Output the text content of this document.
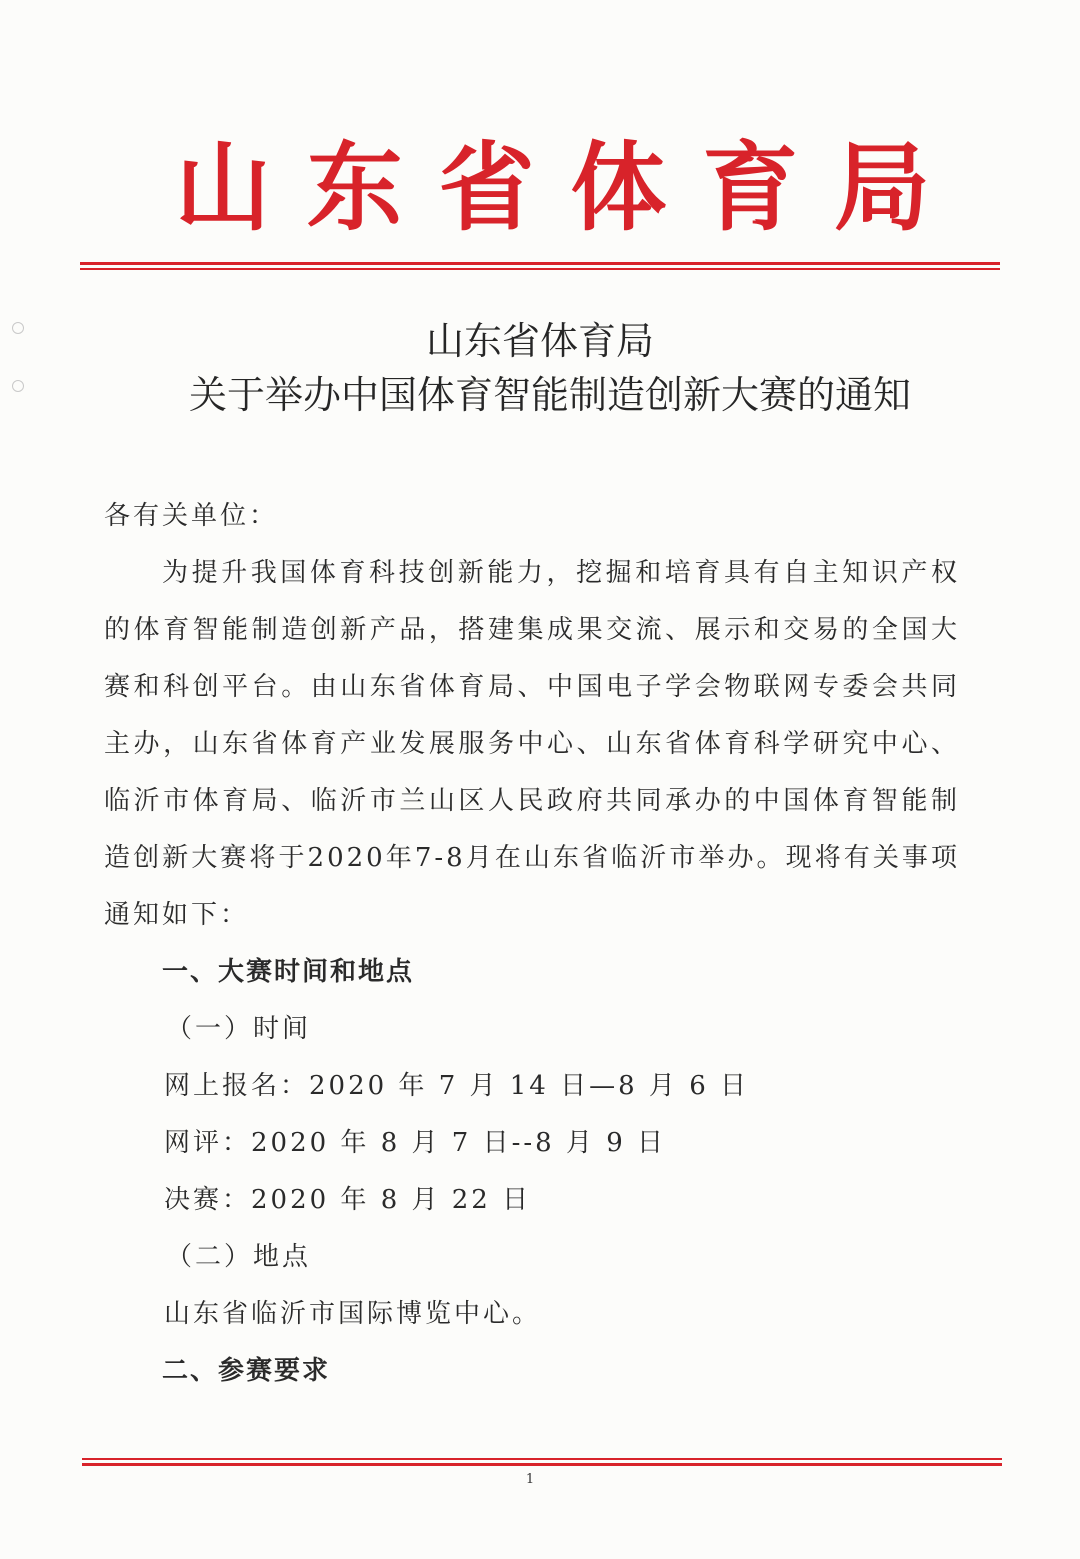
山 东 省 体 育 局
山东省体育局
关于举办中国体育智能制造创新大赛的通知
各有关单位：

为提升我国体育科技创新能力，挖掘和培育具有自主知识产权的体育智能制造创新产品，搭建集成果交流、展示和交易的全国大赛和科创平台。由山东省体育局、中国电子学会物联网专委会共同主办，山东省体育产业发展服务中心、山东省体育科学研究中心、临沂市体育局、临沂市兰山区人民政府共同承办的中国体育智能制造创新大赛将于2020年7-8月在山东省临沂市举办。现将有关事项通知如下：

一、大赛时间和地点
（一）时间
网上报名：2020 年 7 月 14 日—8 月 6 日
网评：2020 年 8 月 7 日--8 月 9 日
决赛：2020 年 8 月 22 日
（二）地点
山东省临沂市国际博览中心。
二、参赛要求
1
